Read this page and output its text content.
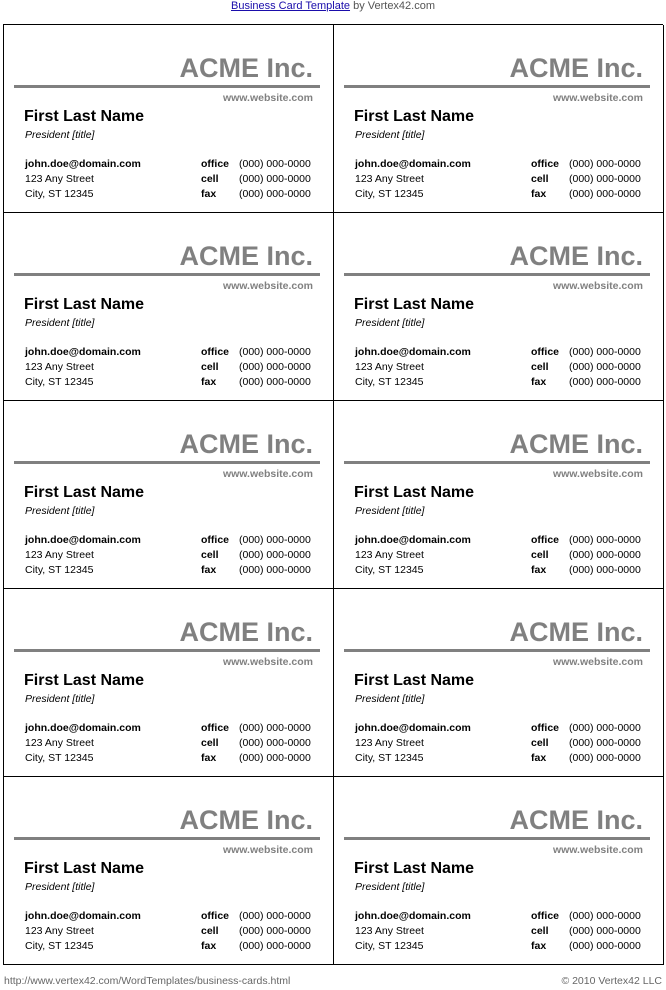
Business Card Template by Vertex42.com
ACME Inc.
www.website.com
First Last Name
President [title]
john.doe@domain.com
123 Any Street
City, ST 12345
office
cell
fax
(000) 000-0000
(000) 000-0000
(000) 000-0000
ACME Inc.
www.website.com
First Last Name
President [title]
john.doe@domain.com
123 Any Street
City, ST 12345
office
cell
fax
(000) 000-0000
(000) 000-0000
(000) 000-0000
ACME Inc.
www.website.com
First Last Name
President [title]
john.doe@domain.com
123 Any Street
City, ST 12345
office
cell
fax
(000) 000-0000
(000) 000-0000
(000) 000-0000
ACME Inc.
www.website.com
First Last Name
President [title]
john.doe@domain.com
123 Any Street
City, ST 12345
office
cell
fax
(000) 000-0000
(000) 000-0000
(000) 000-0000
ACME Inc.
www.website.com
First Last Name
President [title]
john.doe@domain.com
123 Any Street
City, ST 12345
office
cell
fax
(000) 000-0000
(000) 000-0000
(000) 000-0000
ACME Inc.
www.website.com
First Last Name
President [title]
john.doe@domain.com
123 Any Street
City, ST 12345
office
cell
fax
(000) 000-0000
(000) 000-0000
(000) 000-0000
ACME Inc.
www.website.com
First Last Name
President [title]
john.doe@domain.com
123 Any Street
City, ST 12345
office
cell
fax
(000) 000-0000
(000) 000-0000
(000) 000-0000
ACME Inc.
www.website.com
First Last Name
President [title]
john.doe@domain.com
123 Any Street
City, ST 12345
office
cell
fax
(000) 000-0000
(000) 000-0000
(000) 000-0000
ACME Inc.
www.website.com
First Last Name
President [title]
john.doe@domain.com
123 Any Street
City, ST 12345
office
cell
fax
(000) 000-0000
(000) 000-0000
(000) 000-0000
ACME Inc.
www.website.com
First Last Name
President [title]
john.doe@domain.com
123 Any Street
City, ST 12345
office
cell
fax
(000) 000-0000
(000) 000-0000
(000) 000-0000
http://www.vertex42.com/WordTemplates/business-cards.html	© 2010 Vertex42 LLC
